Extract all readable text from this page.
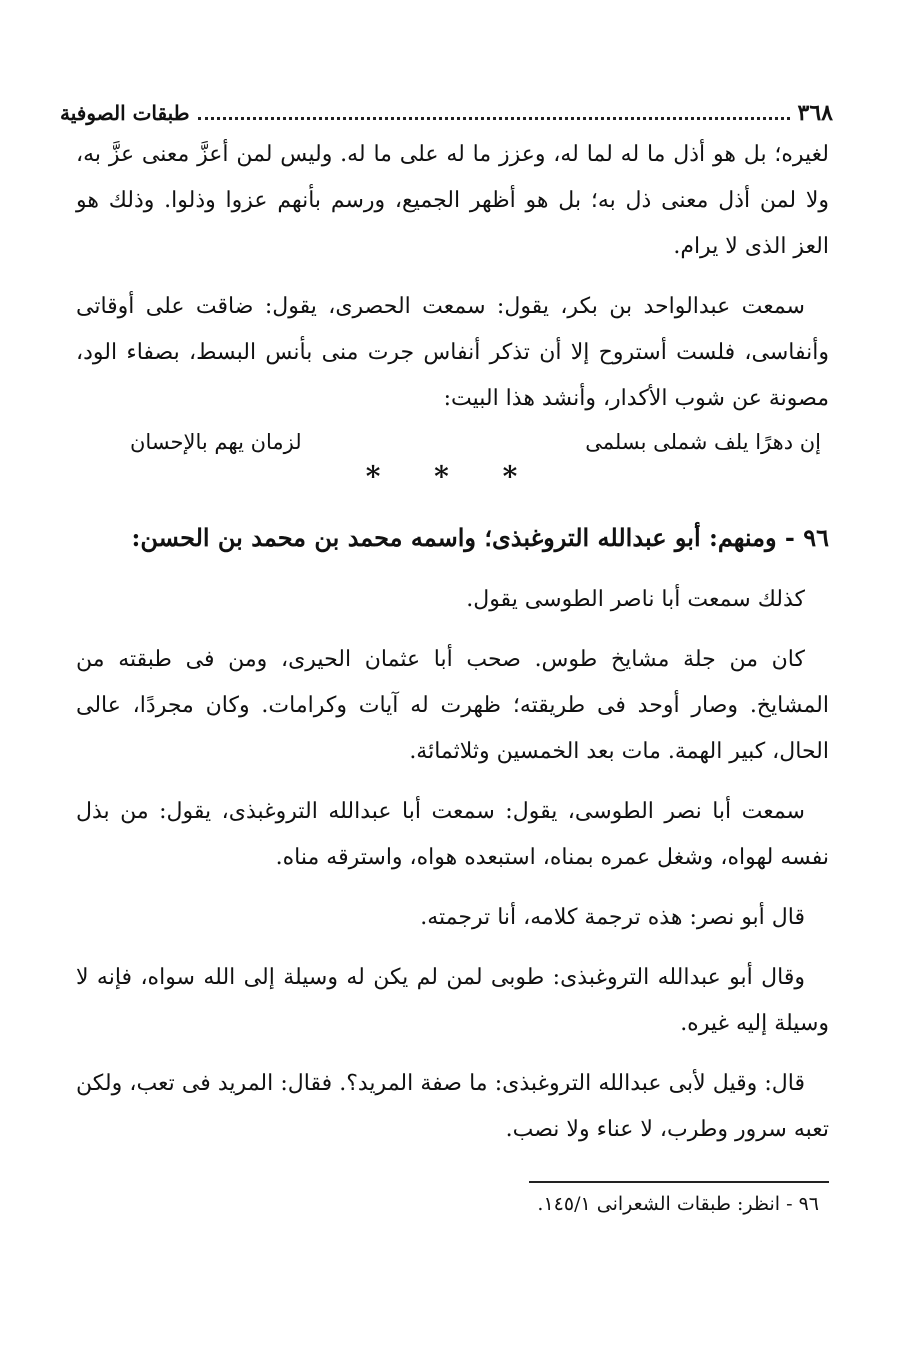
٣٦٨
طبقات الصوفية

لغيره؛ بل هو أذل ما له لما له، وعزز ما له على ما له. وليس لمن أعزَّ معنى عزَّ به، ولا لمن أذل معنى ذل به؛ بل هو أظهر الجميع، ورسم بأنهم عزوا وذلوا. وذلك هو العز الذى لا يرام.

سمعت عبدالواحد بن بكر، يقول: سمعت الحصرى، يقول: ضاقت على أوقاتى وأنفاسى، فلست أستروح إلا أن تذكر أنفاس جرت منى بأنس البسط، بصفاء الود، مصونة عن شوب الأكدار، وأنشد هذا البيت:

إن دهرًا يلف شملى بسلمى
لزمان يهم بالإحسان
* * *
٩٦ - ومنهم: أبو عبدالله التروغبذى؛ واسمه محمد بن محمد بن الحسن:

كذلك سمعت أبا ناصر الطوسى يقول.

كان من جلة مشايخ طوس. صحب أبا عثمان الحيرى، ومن فى طبقته من المشايخ. وصار أوحد فى طريقته؛ ظهرت له آيات وكرامات. وكان مجردًا، عالى الحال، كبير الهمة. مات بعد الخمسين وثلاثمائة.

سمعت أبا نصر الطوسى، يقول: سمعت أبا عبدالله التروغبذى، يقول: من بذل نفسه لهواه، وشغل عمره بمناه، استبعده هواه، واسترقه مناه.

قال أبو نصر: هذه ترجمة كلامه، أنا ترجمته.

وقال أبو عبدالله التروغبذى: طوبى لمن لم يكن له وسيلة إلى الله سواه، فإنه لا وسيلة إليه غيره.

قال: وقيل لأبى عبدالله التروغبذى: ما صفة المريد؟. فقال: المريد فى تعب، ولكن تعبه سرور وطرب، لا عناء ولا نصب.

٩٦ - انظر: طبقات الشعرانى ١٤٥/١.
